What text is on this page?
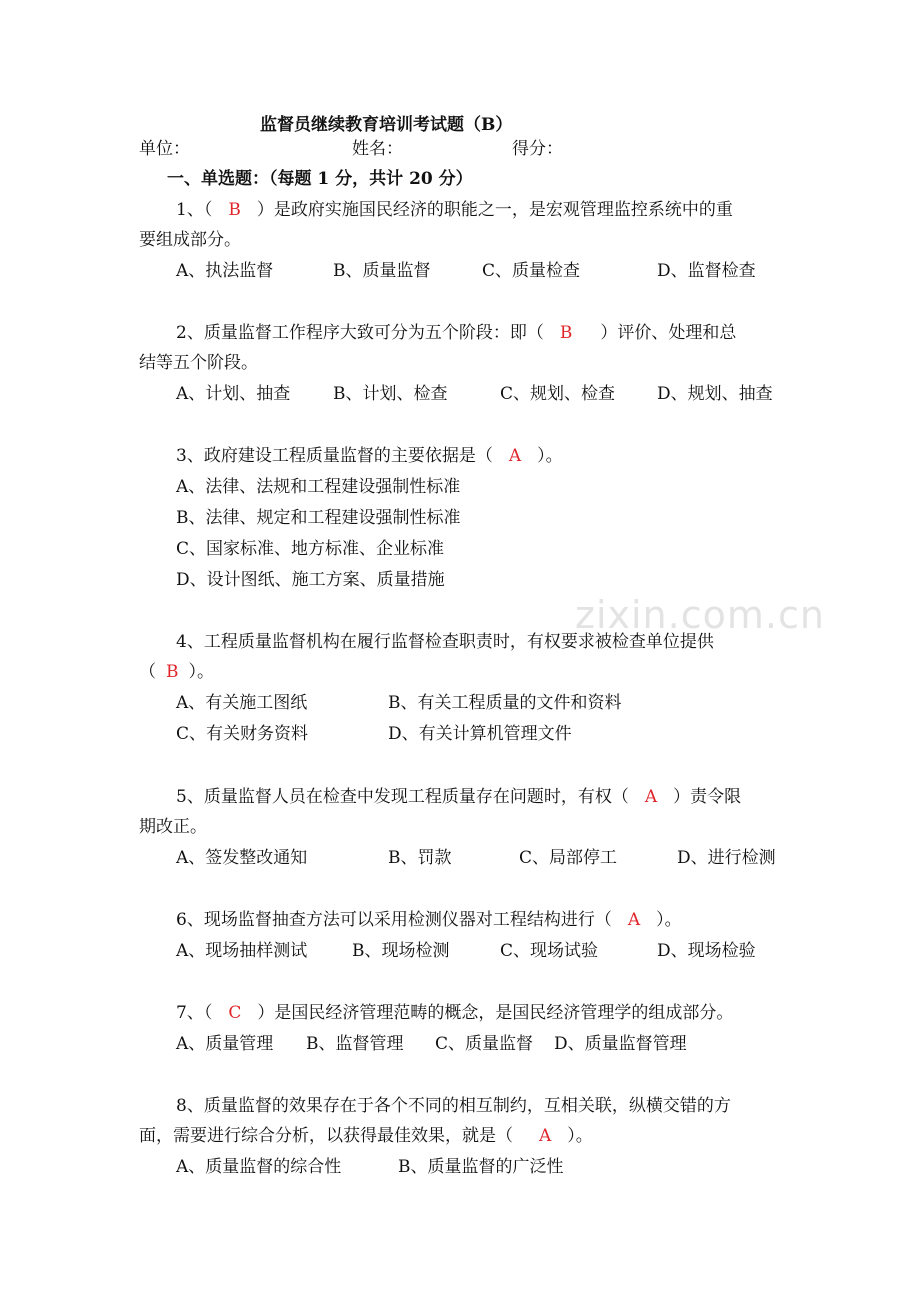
zixin.com.cn
监督员继续教育培训考试题（B）
单位：	姓名：	得分：
一、单选题：（每题 1 分，共计 20 分）
1、（ B ）是政府实施国民经济的职能之一，是宏观管理监控系统中的重
要组成部分。
A、执法监督	B、质量监督	C、质量检查	D、监督检查
2、质量监督工作程序大致可分为五个阶段：即（ B ）评价、处理和总
结等五个阶段。
A、计划、抽查	B、计划、检查	C、规划、检查 D、规划、抽查
3、政府建设工程质量监督的主要依据是（ A ）。
A、法律、法规和工程建设强制性标准
B、法律、规定和工程建设强制性标准
C、国家标准、地方标准、企业标准
D、设计图纸、施工方案、质量措施
4、工程质量监督机构在履行监督检查职责时，有权要求被检查单位提供
（ B ）。
A、有关施工图纸	B、有关工程质量的文件和资料
C、有关财务资料	D、有关计算机管理文件
5、质量监督人员在检查中发现工程质量存在问题时，有权（ A ）责令限
期改正。
A、签发整改通知	B、罚款	C、局部停工	D、进行检测
6、现场监督抽查方法可以采用检测仪器对工程结构进行（ A ）。
A、现场抽样测试	B、现场检测	C、现场试验	D、现场检验
7、（ C ）是国民经济管理范畴的概念，是国民经济管理学的组成部分。
A、质量管理 B、监督管理 C、质量监督 D、质量监督管理
8、质量监督的效果存在于各个不同的相互制约，互相关联，纵横交错的方
面，需要进行综合分析，以获得最佳效果，就是（ A ）。
A、质量监督的综合性	B、质量监督的广泛性
